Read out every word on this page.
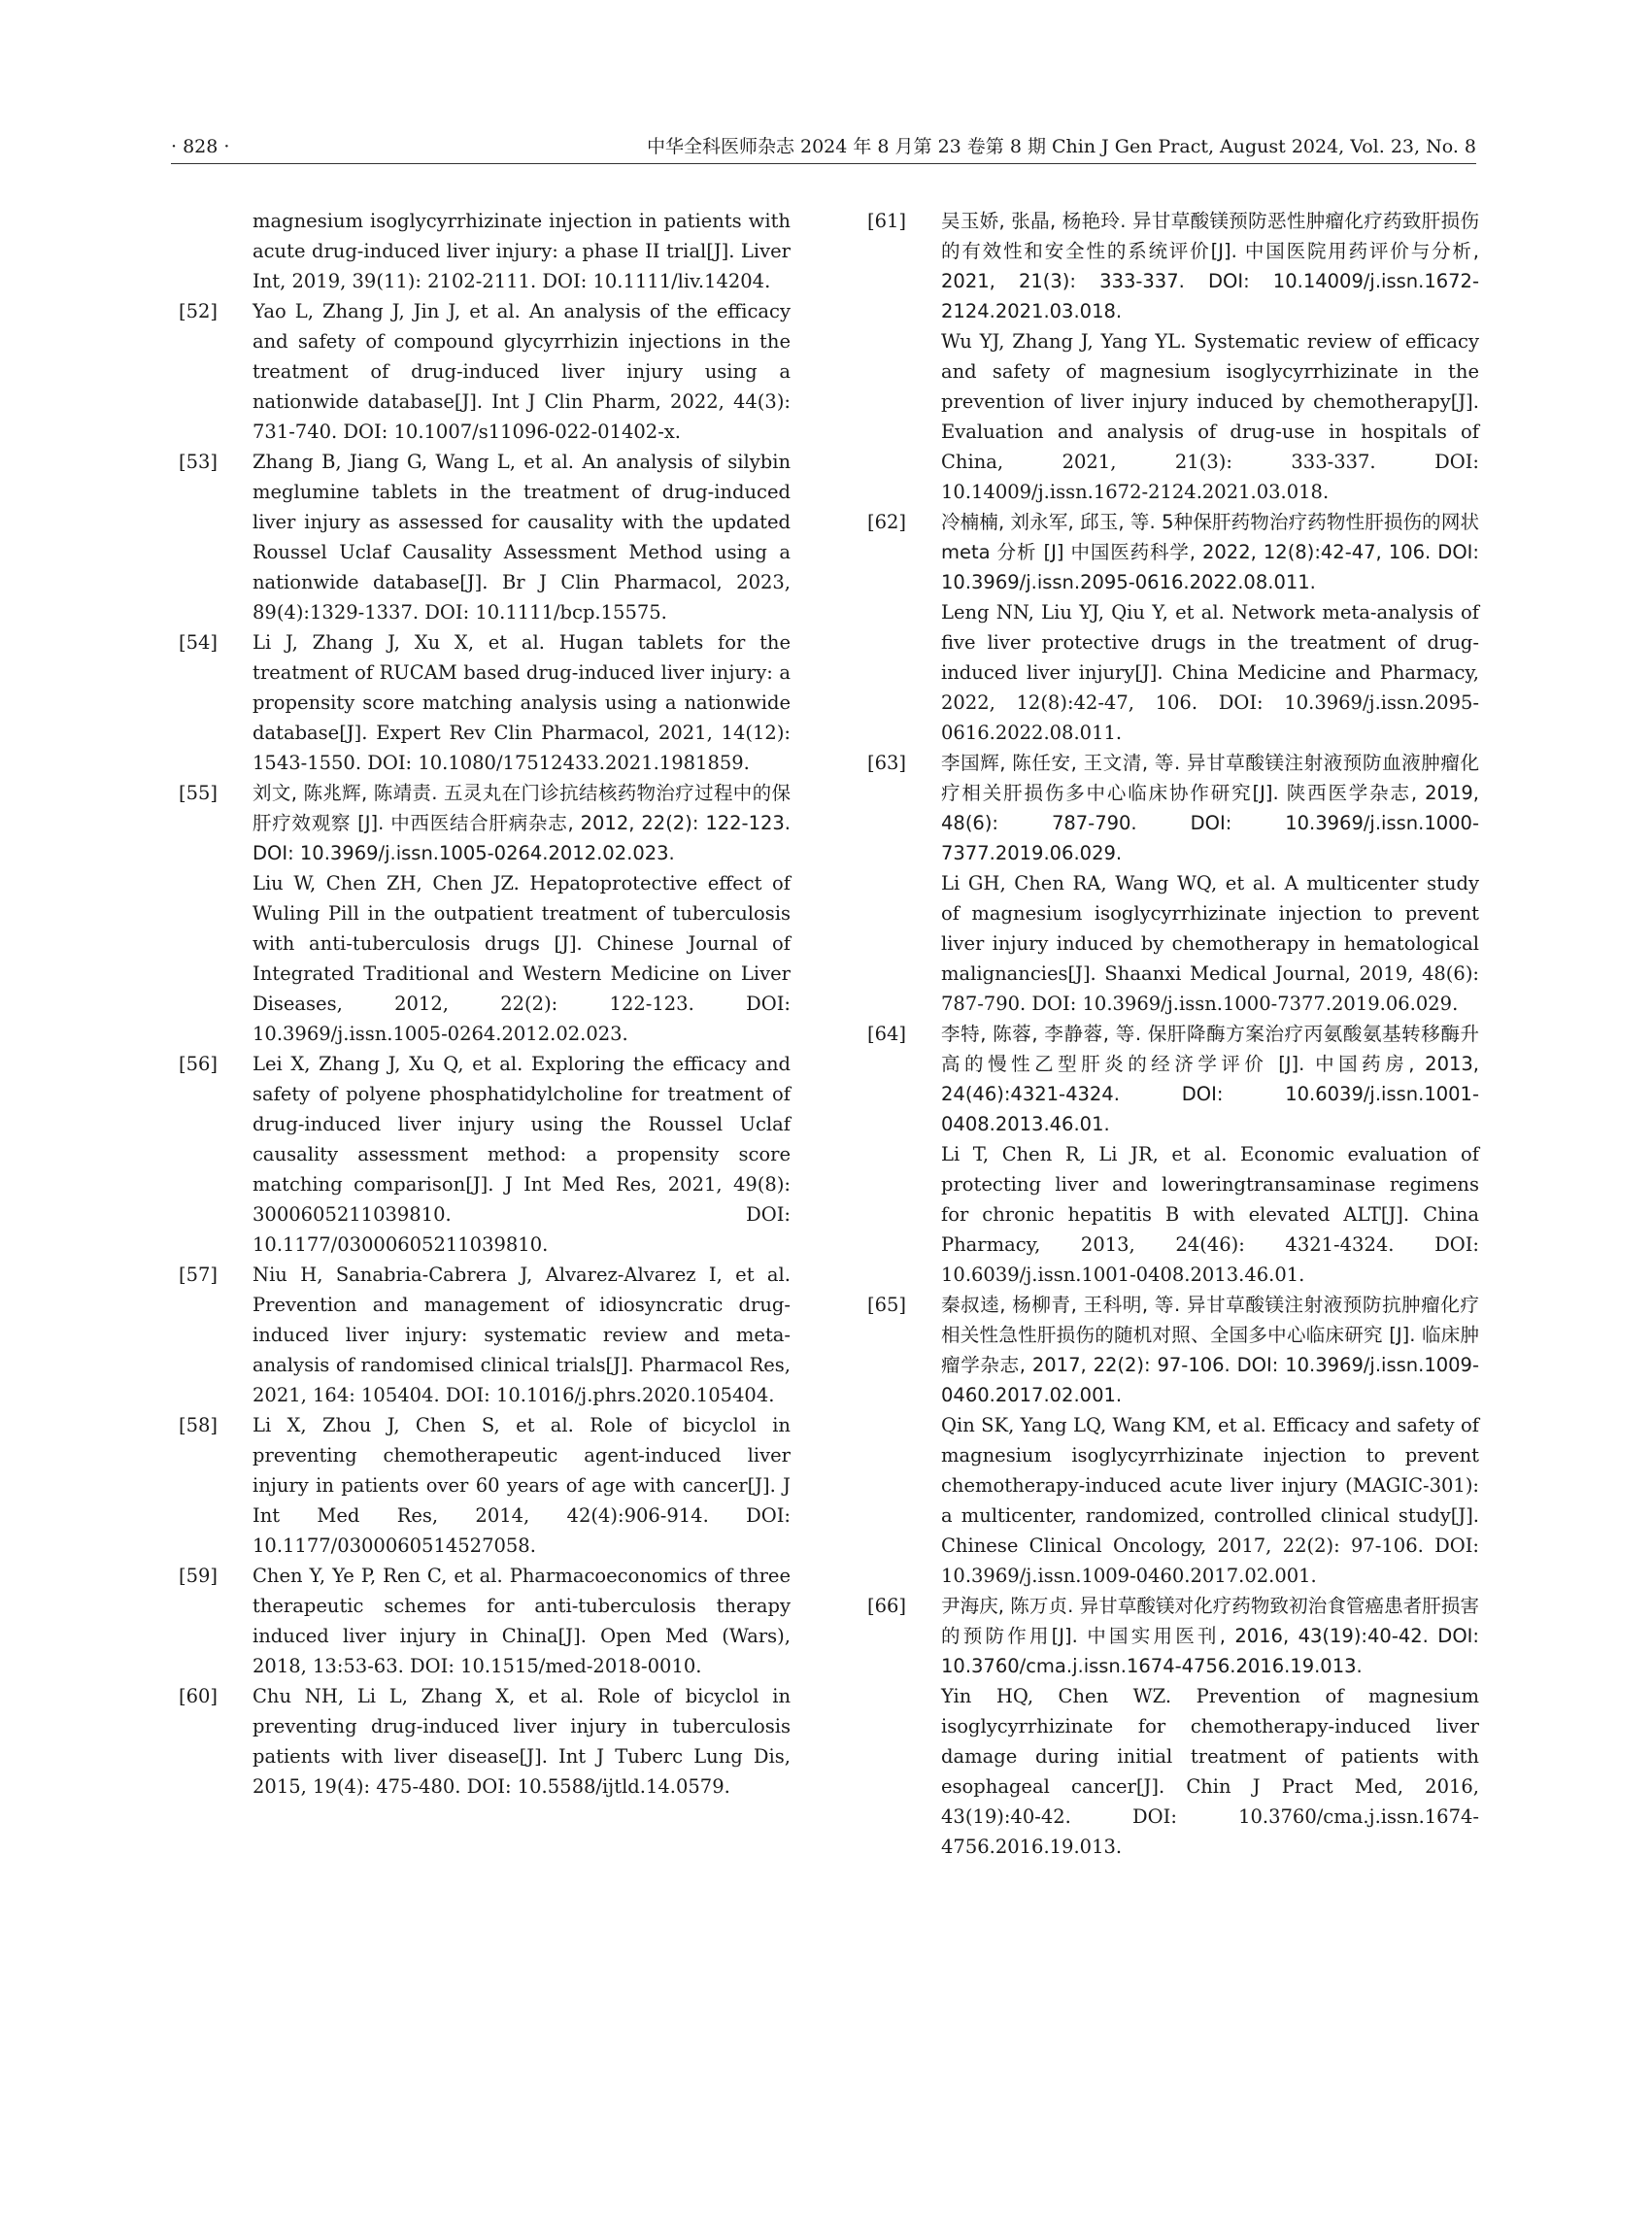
· 828 ·	中华全科医师杂志 2024 年 8 月第 23 卷第 8 期 Chin J Gen Pract, August 2024, Vol. 23, No. 8
magnesium isoglycyrrhizinate injection in patients with acute drug-induced liver injury: a phase II trial[J]. Liver Int, 2019, 39(11): 2102-2111. DOI: 10.1111/liv.14204.
[52] Yao L, Zhang J, Jin J, et al. An analysis of the efficacy and safety of compound glycyrrhizin injections in the treatment of drug-induced liver injury using a nationwide database[J]. Int J Clin Pharm, 2022, 44(3): 731-740. DOI: 10.1007/s11096-022-01402-x.
[53] Zhang B, Jiang G, Wang L, et al. An analysis of silybin meglumine tablets in the treatment of drug-induced liver injury as assessed for causality with the updated Roussel Uclaf Causality Assessment Method using a nationwide database[J]. Br J Clin Pharmacol, 2023, 89(4):1329-1337. DOI: 10.1111/bcp.15575.
[54] Li J, Zhang J, Xu X, et al. Hugan tablets for the treatment of RUCAM based drug-induced liver injury: a propensity score matching analysis using a nationwide database[J]. Expert Rev Clin Pharmacol, 2021, 14(12): 1543-1550. DOI: 10.1080/17512433.2021.1981859.
[55] 刘文, 陈兆辉, 陈靖责. 五灵丸在门诊抗结核药物治疗过程中的保肝疗效观察 [J]. 中西医结合肝病杂志, 2012, 22(2): 122-123. DOI: 10.3969/j.issn.1005-0264.2012.02.023.
Liu W, Chen ZH, Chen JZ. Hepatoprotective effect of Wuling Pill in the outpatient treatment of tuberculosis with anti-tuberculosis drugs [J]. Chinese Journal of Integrated Traditional and Western Medicine on Liver Diseases, 2012, 22(2): 122-123. DOI: 10.3969/j.issn.1005-0264.2012.02.023.
[56] Lei X, Zhang J, Xu Q, et al. Exploring the efficacy and safety of polyene phosphatidylcholine for treatment of drug-induced liver injury using the Roussel Uclaf causality assessment method: a propensity score matching comparison[J]. J Int Med Res, 2021, 49(8): 3000605211039810. DOI: 10.1177/03000605211039810.
[57] Niu H, Sanabria-Cabrera J, Alvarez-Alvarez I, et al. Prevention and management of idiosyncratic drug-induced liver injury: systematic review and meta-analysis of randomised clinical trials[J]. Pharmacol Res, 2021, 164: 105404. DOI: 10.1016/j.phrs.2020.105404.
[58] Li X, Zhou J, Chen S, et al. Role of bicyclol in preventing chemotherapeutic agent-induced liver injury in patients over 60 years of age with cancer[J]. J Int Med Res, 2014, 42(4):906-914. DOI: 10.1177/0300060514527058.
[59] Chen Y, Ye P, Ren C, et al. Pharmacoeconomics of three therapeutic schemes for anti-tuberculosis therapy induced liver injury in China[J]. Open Med (Wars), 2018, 13:53-63. DOI: 10.1515/med-2018-0010.
[60] Chu NH, Li L, Zhang X, et al. Role of bicyclol in preventing drug-induced liver injury in tuberculosis patients with liver disease[J]. Int J Tuberc Lung Dis, 2015, 19(4): 475-480. DOI: 10.5588/ijtld.14.0579.
[61] 吴玉娇, 张晶, 杨艳玲. 异甘草酸镁预防恶性肿瘤化疗药致肝损伤的有效性和安全性的系统评价[J]. 中国医院用药评价与分析, 2021, 21(3): 333-337. DOI: 10.14009/j.issn.1672-2124.2021.03.018.
Wu YJ, Zhang J, Yang YL. Systematic review of efficacy and safety of magnesium isoglycyrrhizinate in the prevention of liver injury induced by chemotherapy[J]. Evaluation and analysis of drug-use in hospitals of China, 2021, 21(3): 333-337. DOI: 10.14009/j.issn.1672-2124.2021.03.018.
[62] 冷楠楠, 刘永军, 邱玉, 等. 5种保肝药物治疗药物性肝损伤的网状 meta 分析 [J] 中国医药科学, 2022, 12(8):42-47, 106. DOI: 10.3969/j.issn.2095-0616.2022.08.011.
Leng NN, Liu YJ, Qiu Y, et al. Network meta-analysis of five liver protective drugs in the treatment of drug-induced liver injury[J]. China Medicine and Pharmacy, 2022, 12(8):42-47, 106. DOI: 10.3969/j.issn.2095-0616.2022.08.011.
[63] 李国辉, 陈任安, 王文清, 等. 异甘草酸镁注射液预防血液肿瘤化疗相关肝损伤多中心临床协作研究[J]. 陕西医学杂志, 2019, 48(6): 787-790. DOI: 10.3969/j.issn.1000-7377.2019.06.029.
Li GH, Chen RA, Wang WQ, et al. A multicenter study of magnesium isoglycyrrhizinate injection to prevent liver injury induced by chemotherapy in hematological malignancies[J]. Shaanxi Medical Journal, 2019, 48(6): 787-790. DOI: 10.3969/j.issn.1000-7377.2019.06.029.
[64] 李特, 陈蓉, 李静蓉, 等. 保肝降酶方案治疗丙氨酸氨基转移酶升高的慢性乙型肝炎的经济学评价 [J]. 中国药房, 2013, 24(46):4321-4324. DOI: 10.6039/j.issn.1001-0408.2013.46.01.
Li T, Chen R, Li JR, et al. Economic evaluation of protecting liver and loweringtransaminase regimens for chronic hepatitis B with elevated ALT[J]. China Pharmacy, 2013, 24(46): 4321-4324. DOI: 10.6039/j.issn.1001-0408.2013.46.01.
[65] 秦叔逵, 杨柳青, 王科明, 等. 异甘草酸镁注射液预防抗肿瘤化疗相关性急性肝损伤的随机对照、全国多中心临床研究 [J]. 临床肿瘤学杂志, 2017, 22(2): 97-106. DOI: 10.3969/j.issn.1009-0460.2017.02.001.
Qin SK, Yang LQ, Wang KM, et al. Efficacy and safety of magnesium isoglycyrrhizinate injection to prevent chemotherapy-induced acute liver injury (MAGIC-301): a multicenter, randomized, controlled clinical study[J]. Chinese Clinical Oncology, 2017, 22(2): 97-106. DOI: 10.3969/j.issn.1009-0460.2017.02.001.
[66] 尹海庆, 陈万贞. 异甘草酸镁对化疗药物致初治食管癌患者肝损害的预防作用[J]. 中国实用医刊, 2016, 43(19):40-42. DOI: 10.3760/cma.j.issn.1674-4756.2016.19.013.
Yin HQ, Chen WZ. Prevention of magnesium isoglycyrrhizinate for chemotherapy-induced liver damage during initial treatment of patients with esophageal cancer[J]. Chin J Pract Med, 2016, 43(19):40-42. DOI: 10.3760/cma.j.issn.1674-4756.2016.19.013.
